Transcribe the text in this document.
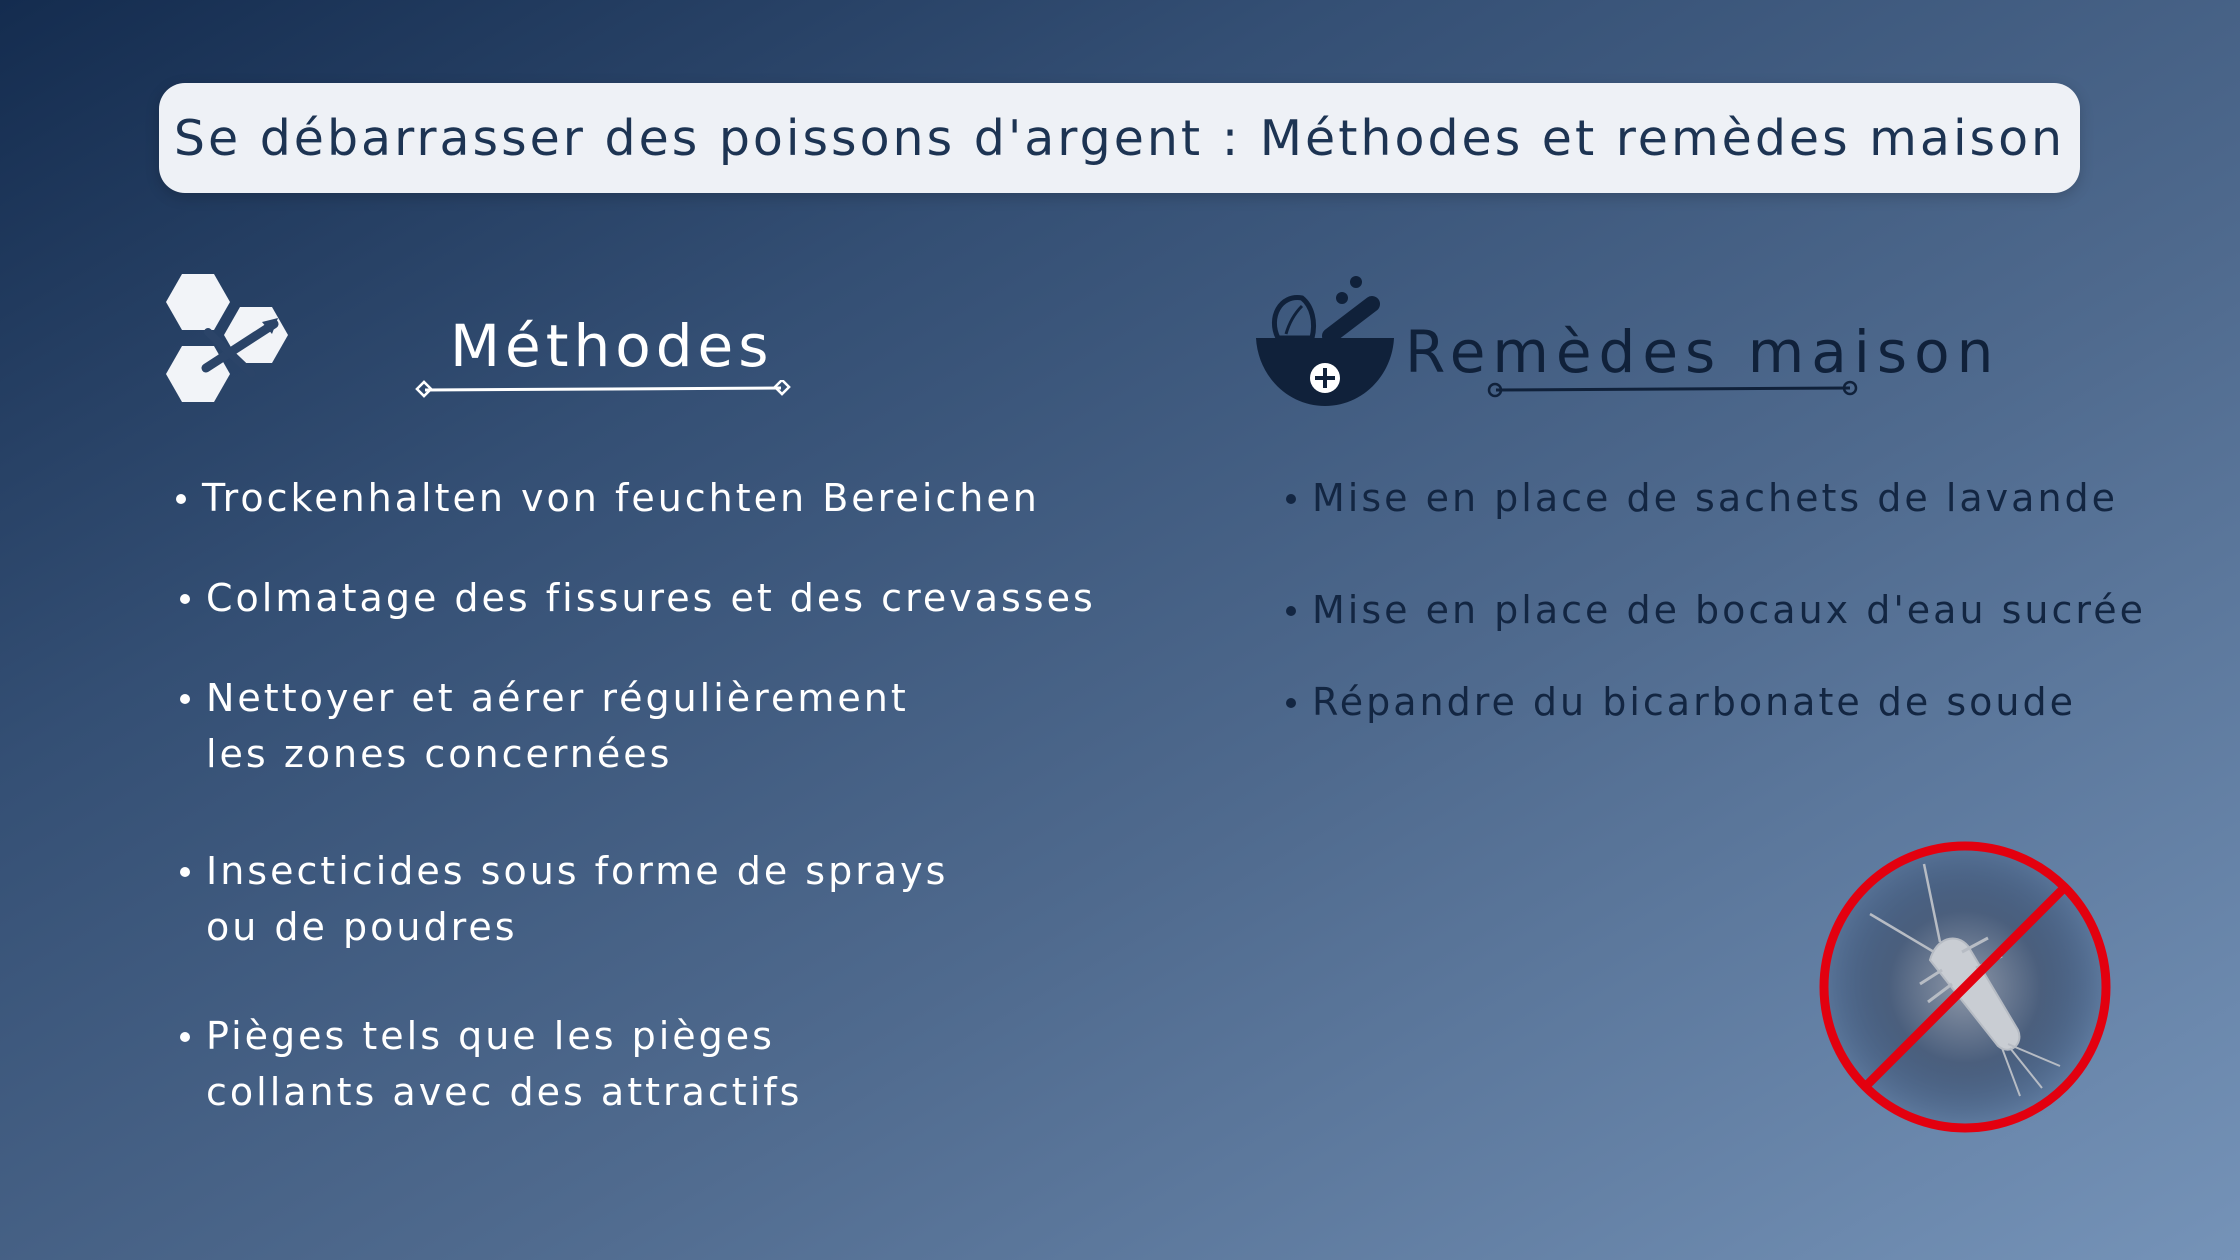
Se débarrasser des poissons d'argent : Méthodes et remèdes maison
Méthodes
Trockenhalten von feuchten Bereichen
Colmatage des fissures et des crevasses
Nettoyer et aérer régulièrement
les zones concernées
Insecticides sous forme de sprays
ou de poudres
Pièges tels que les pièges
collants avec des attractifs
Remèdes maison
Mise en place de sachets de lavande
Mise en place de bocaux d'eau sucrée
Répandre du bicarbonate de soude
